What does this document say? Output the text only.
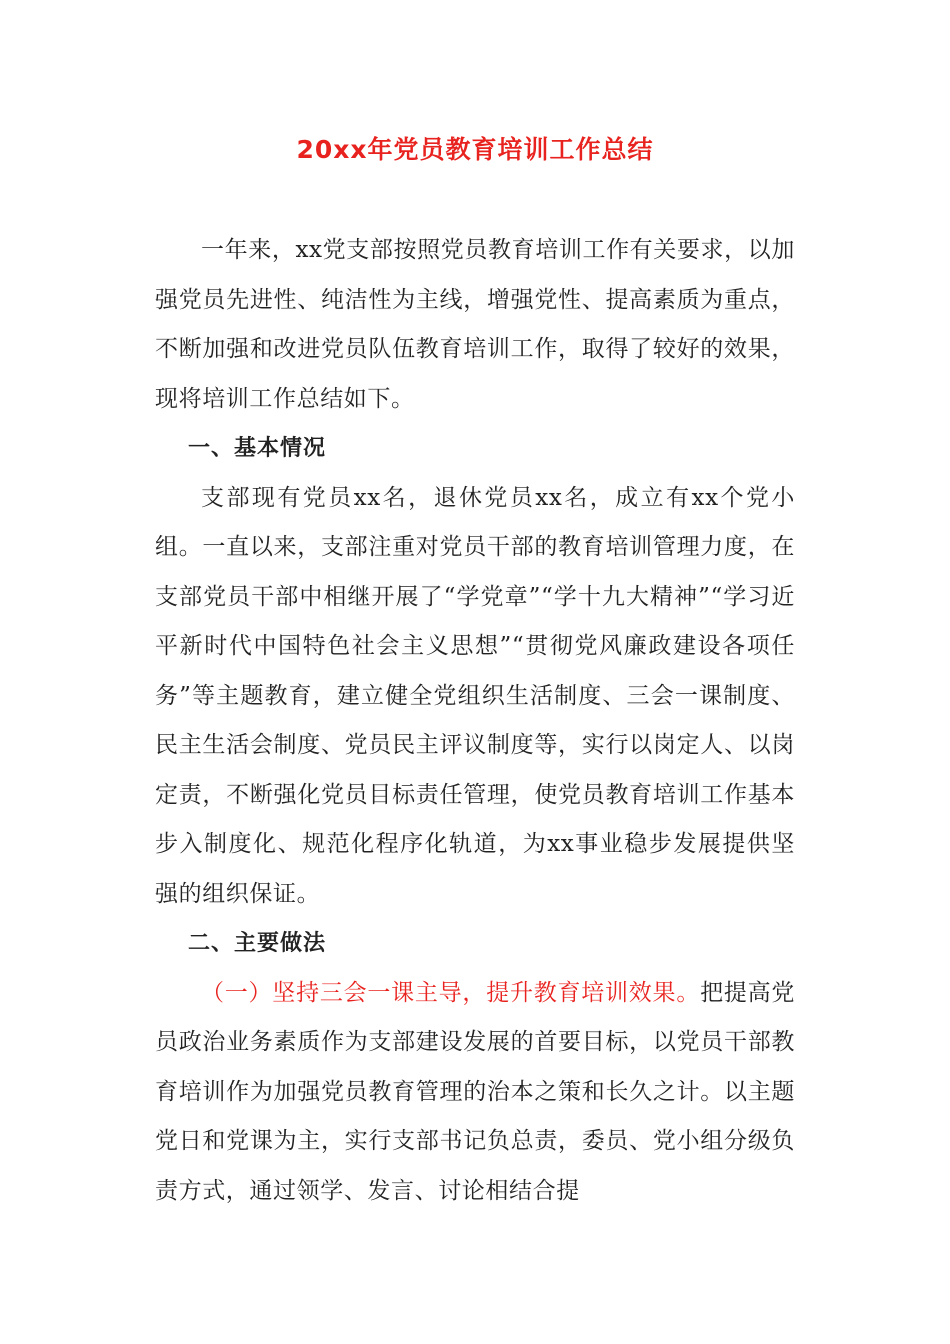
20xx年党员教育培训工作总结

一年来，xx党支部按照党员教育培训工作有关要求，以加强党员先进性、纯洁性为主线，增强党性、提高素质为重点，不断加强和改进党员队伍教育培训工作，取得了较好的效果，现将培训工作总结如下。

一、基本情况

支部现有党员xx名，退休党员xx名，成立有xx个党小组。一直以来，支部注重对党员干部的教育培训管理力度，在支部党员干部中相继开展了“学党章”“学十九大精神”“学习近平新时代中国特色社会主义思想”“贯彻党风廉政建设各项任务”等主题教育，建立健全党组织生活制度、三会一课制度、民主生活会制度、党员民主评议制度等，实行以岗定人、以岗定责，不断强化党员目标责任管理，使党员教育培训工作基本步入制度化、规范化程序化轨道，为xx事业稳步发展提供坚强的组织保证。

二、主要做法

（一）坚持三会一课主导，提升教育培训效果。把提高党员政治业务素质作为支部建设发展的首要目标，以党员干部教育培训作为加强党员教育管理的治本之策和长久之计。以主题党日和党课为主，实行支部书记负总责，委员、党小组分级负责方式，通过领学、发言、讨论相结合提
